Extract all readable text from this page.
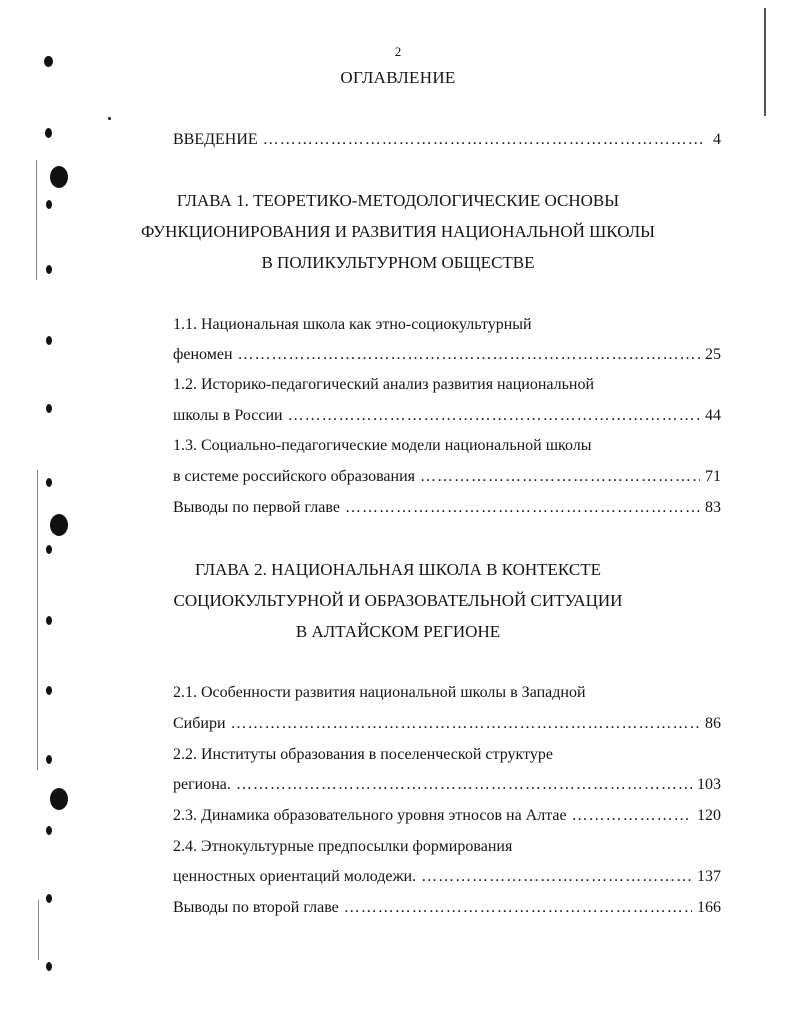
2
ОГЛАВЛЕНИЕ
ВВЕДЕНИЕ …………………………………………………………………………………………………………………………	4
ГЛАВА 1. ТЕОРЕТИКО-МЕТОДОЛОГИЧЕСКИЕ ОСНОВЫ
ФУНКЦИОНИРОВАНИЯ И РАЗВИТИЯ НАЦИОНАЛЬНОЙ ШКОЛЫ
В ПОЛИКУЛЬТУРНОМ ОБЩЕСТВЕ
1.1. Национальная школа как этно-социокультурный
феномен …………………………………………………………………………………………………………………………	25
1.2. Историко-педагогический анализ развития национальной
школы в России …………………………………………………………………………………………………………………………	44
1.3. Социально-педагогические модели национальной школы
в системе российского образования …………………………………………………………………………………………………………………………	71
Выводы по первой главе …………………………………………………………………………………………………………………………	83
ГЛАВА 2. НАЦИОНАЛЬНАЯ ШКОЛА В КОНТЕКСТЕ
СОЦИОКУЛЬТУРНОЙ И ОБРАЗОВАТЕЛЬНОЙ СИТУАЦИИ
В АЛТАЙСКОМ РЕГИОНЕ
2.1. Особенности развития национальной школы в Западной
Сибири …………………………………………………………………………………………………………………………	86
2.2. Институты образования в поселенческой структуре
региона. …………………………………………………………………………………………………………………………	103
2.3. Динамика образовательного уровня этносов на Алтае …………………………………………………………………………………………………………………………	120
2.4. Этнокультурные предпосылки формирования
ценностных ориентаций молодежи. …………………………………………………………………………………………………………………………	137
Выводы по второй главе …………………………………………………………………………………………………………………………	166
